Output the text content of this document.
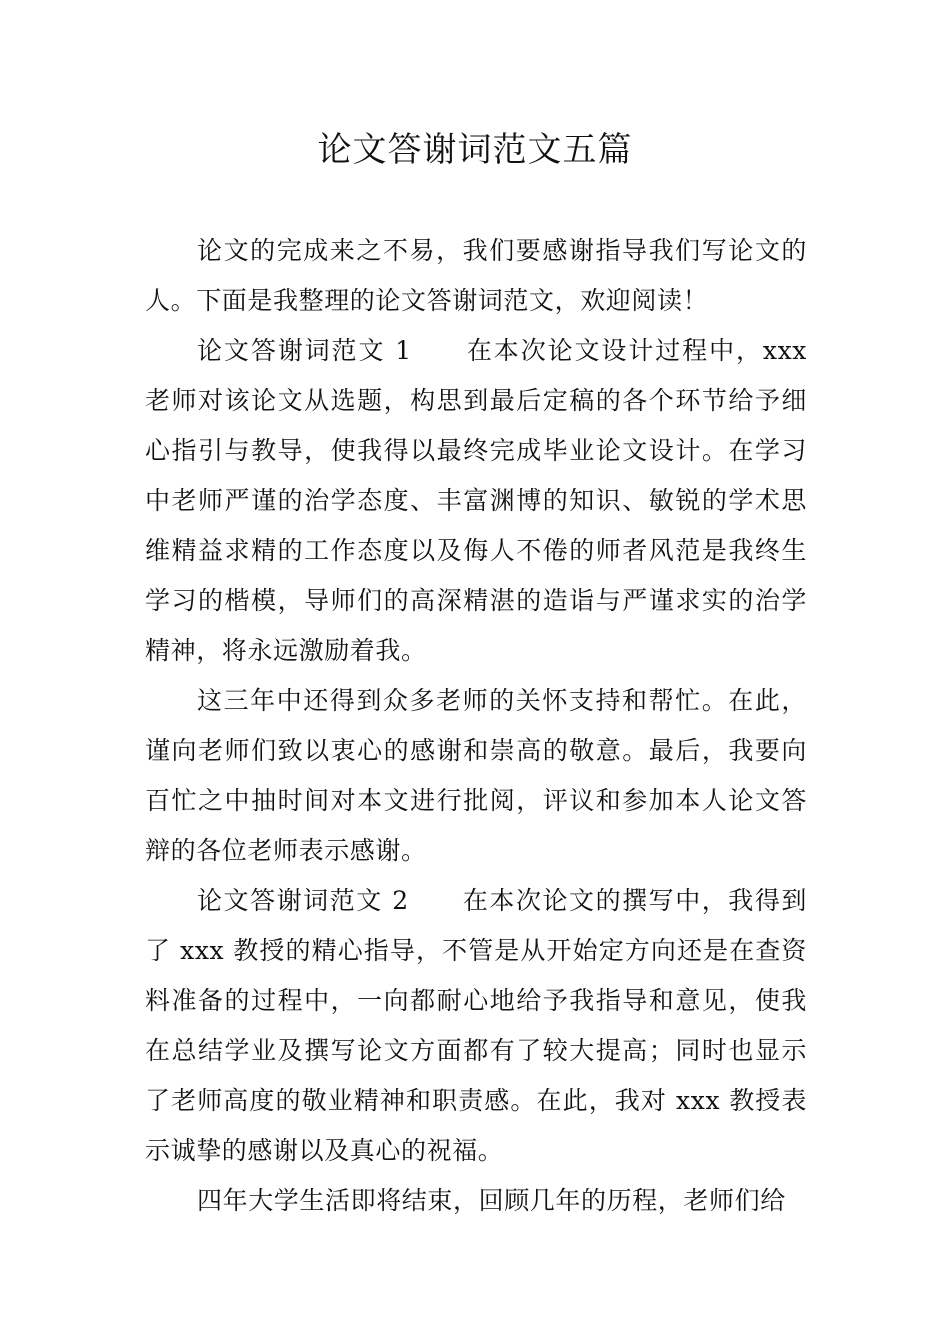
论文答谢词范文五篇

论文的完成来之不易，我们要感谢指导我们写论文的人。下面是我整理的论文答谢词范文，欢迎阅读！

论文答谢词范文 1　　在本次论文设计过程中，xxx 老师对该论文从选题，构思到最后定稿的各个环节给予细心指引与教导，使我得以最终完成毕业论文设计。在学习中老师严谨的治学态度、丰富渊博的知识、敏锐的学术思维精益求精的工作态度以及侮人不倦的师者风范是我终生学习的楷模，导师们的高深精湛的造诣与严谨求实的治学精神，将永远激励着我。

这三年中还得到众多老师的关怀支持和帮忙。在此，谨向老师们致以衷心的感谢和崇高的敬意。最后，我要向百忙之中抽时间对本文进行批阅，评议和参加本人论文答辩的各位老师表示感谢。

论文答谢词范文 2　　在本次论文的撰写中，我得到了 xxx 教授的精心指导，不管是从开始定方向还是在查资料准备的过程中，一向都耐心地给予我指导和意见，使我在总结学业及撰写论文方面都有了较大提高；同时也显示了老师高度的敬业精神和职责感。在此，我对 xxx 教授表示诚挚的感谢以及真心的祝福。

四年大学生活即将结束，回顾几年的历程，老师们给
